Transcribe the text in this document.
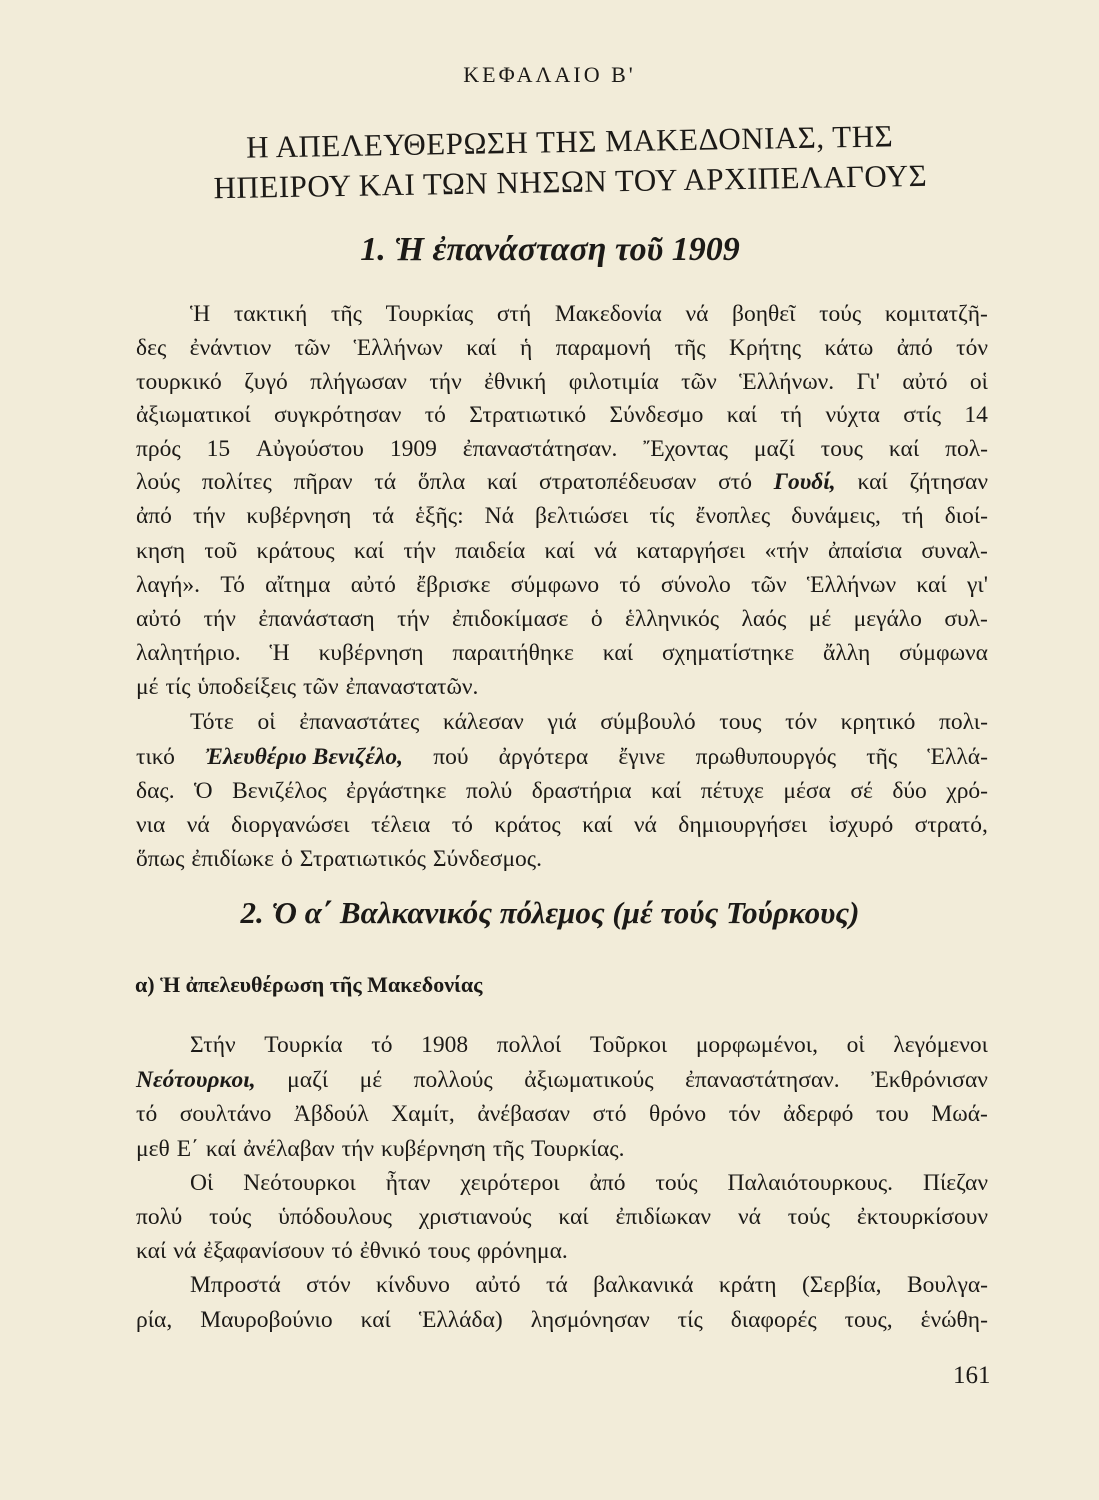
ΚΕΦΑΛΑΙΟ Β'
Η ΑΠΕΛΕΥΘΕΡΩΣΗ ΤΗΣ ΜΑΚΕΔΟΝΙΑΣ, ΤΗΣ
ΗΠΕΙΡΟΥ ΚΑΙ ΤΩΝ ΝΗΣΩΝ ΤΟΥ ΑΡΧΙΠΕΛΑΓΟΥΣ
1. Ἡ ἐπανάσταση τοῦ 1909
Ἡ τακτική τῆς Τουρκίας στή Μακεδονία νά βοηθεῖ τούς κομιτατζῆ-
δες ἐνάντιον τῶν Ἑλλήνων καί ἡ παραμονή τῆς Κρήτης κάτω ἀπό τόν
τουρκικό ζυγό πλήγωσαν τήν ἐθνική φιλοτιμία τῶν Ἑλλήνων. Γι' αὐτό οἱ
ἀξιωματικοί συγκρότησαν τό Στρατιωτικό Σύνδεσμο καί τή νύχτα στίς 14
πρός 15 Αὐγούστου 1909 ἐπαναστάτησαν. Ἔχοντας μαζί τους καί πολ-
λούς πολίτες πῆραν τά ὅπλα καί στρατοπέδευσαν στό Γουδί, καί ζήτησαν
ἀπό τήν κυβέρνηση τά ἑξῆς: Νά βελτιώσει τίς ἔνοπλες δυνάμεις, τή διοί-
κηση τοῦ κράτους καί τήν παιδεία καί νά καταργήσει «τήν ἀπαίσια συναλ-
λαγή». Τό αἴτημα αὐτό ἔβρισκε σύμφωνο τό σύνολο τῶν Ἑλλήνων καί γι'
αὐτό τήν ἐπανάσταση τήν ἐπιδοκίμασε ὁ ἑλληνικός λαός μέ μεγάλο συλ-
λαλητήριο. Ἡ κυβέρνηση παραιτήθηκε καί σχηματίστηκε ἄλλη σύμφωνα
μέ τίς ὑποδείξεις τῶν ἐπαναστατῶν.
Τότε οἱ ἐπαναστάτες κάλεσαν γιά σύμβουλό τους τόν κρητικό πολι-
τικό Ἐλευθέριο Βενιζέλο, πού ἀργότερα ἔγινε πρωθυπουργός τῆς Ἑλλά-
δας. Ὁ Βενιζέλος ἐργάστηκε πολύ δραστήρια καί πέτυχε μέσα σέ δύο χρό-
νια νά διοργανώσει τέλεια τό κράτος καί νά δημιουργήσει ἰσχυρό στρατό,
ὅπως ἐπιδίωκε ὁ Στρατιωτικός Σύνδεσμος.
2. Ὁ α΄ Βαλκανικός πόλεμος (μέ τούς Τούρκους)
α) Ἡ ἀπελευθέρωση τῆς Μακεδονίας
Στήν Τουρκία τό 1908 πολλοί Τοῦρκοι μορφωμένοι, οἱ λεγόμενοι
Νεότουρκοι, μαζί μέ πολλούς ἀξιωματικούς ἐπαναστάτησαν. Ἐκθρόνισαν
τό σουλτάνο Ἀβδούλ Χαμίτ, ἀνέβασαν στό θρόνο τόν ἀδερφό του Μωά-
μεθ Ε΄ καί ἀνέλαβαν τήν κυβέρνηση τῆς Τουρκίας.
Οἱ Νεότουρκοι ἦταν χειρότεροι ἀπό τούς Παλαιότουρκους. Πίεζαν
πολύ τούς ὑπόδουλους χριστιανούς καί ἐπιδίωκαν νά τούς ἐκτουρκίσουν
καί νά ἐξαφανίσουν τό ἐθνικό τους φρόνημα.
Μπροστά στόν κίνδυνο αὐτό τά βαλκανικά κράτη (Σερβία, Βουλγα-
ρία, Μαυροβούνιο καί Ἑλλάδα) λησμόνησαν τίς διαφορές τους, ἑνώθη-
161
